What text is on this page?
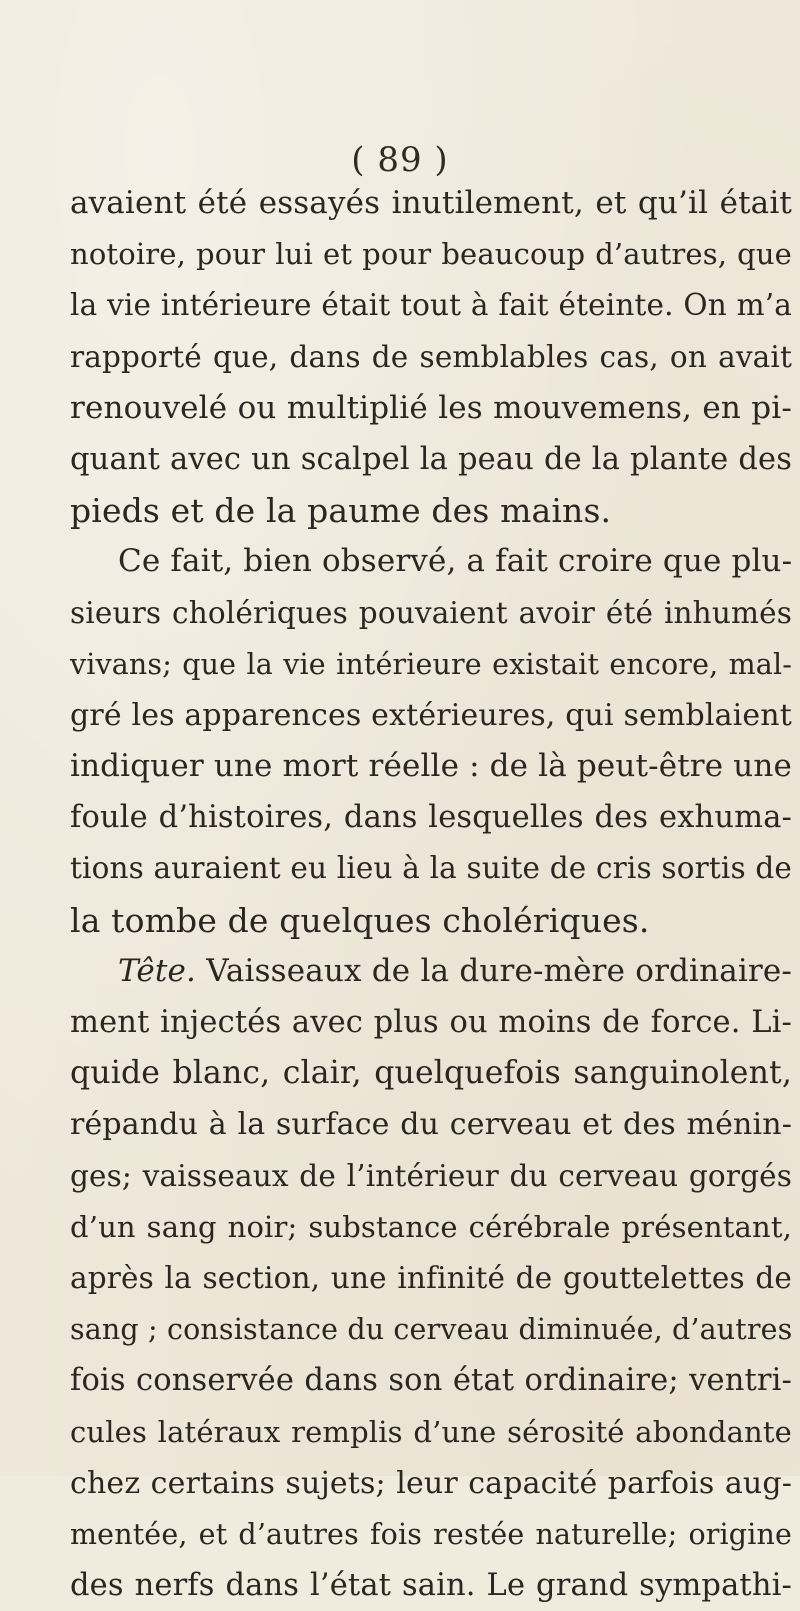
( 89 )
avaient été essayés inutilement, et qu’il était
notoire, pour lui et pour beaucoup d’autres, que
la vie intérieure était tout à fait éteinte. On m’a
rapporté que, dans de semblables cas, on avait
renouvelé ou multiplié les mouvemens, en pi-
quant avec un scalpel la peau de la plante des
pieds et de la paume des mains.
Ce fait, bien observé, a fait croire que plu-
sieurs cholériques pouvaient avoir été inhumés
vivans; que la vie intérieure existait encore, mal-
gré les apparences extérieures, qui semblaient
indiquer une mort réelle : de là peut-être une
foule d’histoires, dans lesquelles des exhuma-
tions auraient eu lieu à la suite de cris sortis de
la tombe de quelques cholériques.
Tête. Vaisseaux de la dure-mère ordinaire-
ment injectés avec plus ou moins de force. Li-
quide blanc, clair, quelquefois sanguinolent,
répandu à la surface du cerveau et des ménin-
ges; vaisseaux de l’intérieur du cerveau gorgés
d’un sang noir; substance cérébrale présentant,
après la section, une infinité de gouttelettes de
sang ; consistance du cerveau diminuée, d’autres
fois conservée dans son état ordinaire; ventri-
cules latéraux remplis d’une sérosité abondante
chez certains sujets; leur capacité parfois aug-
mentée, et d’autres fois restée naturelle; origine
des nerfs dans l’état sain. Le grand sympathi-
